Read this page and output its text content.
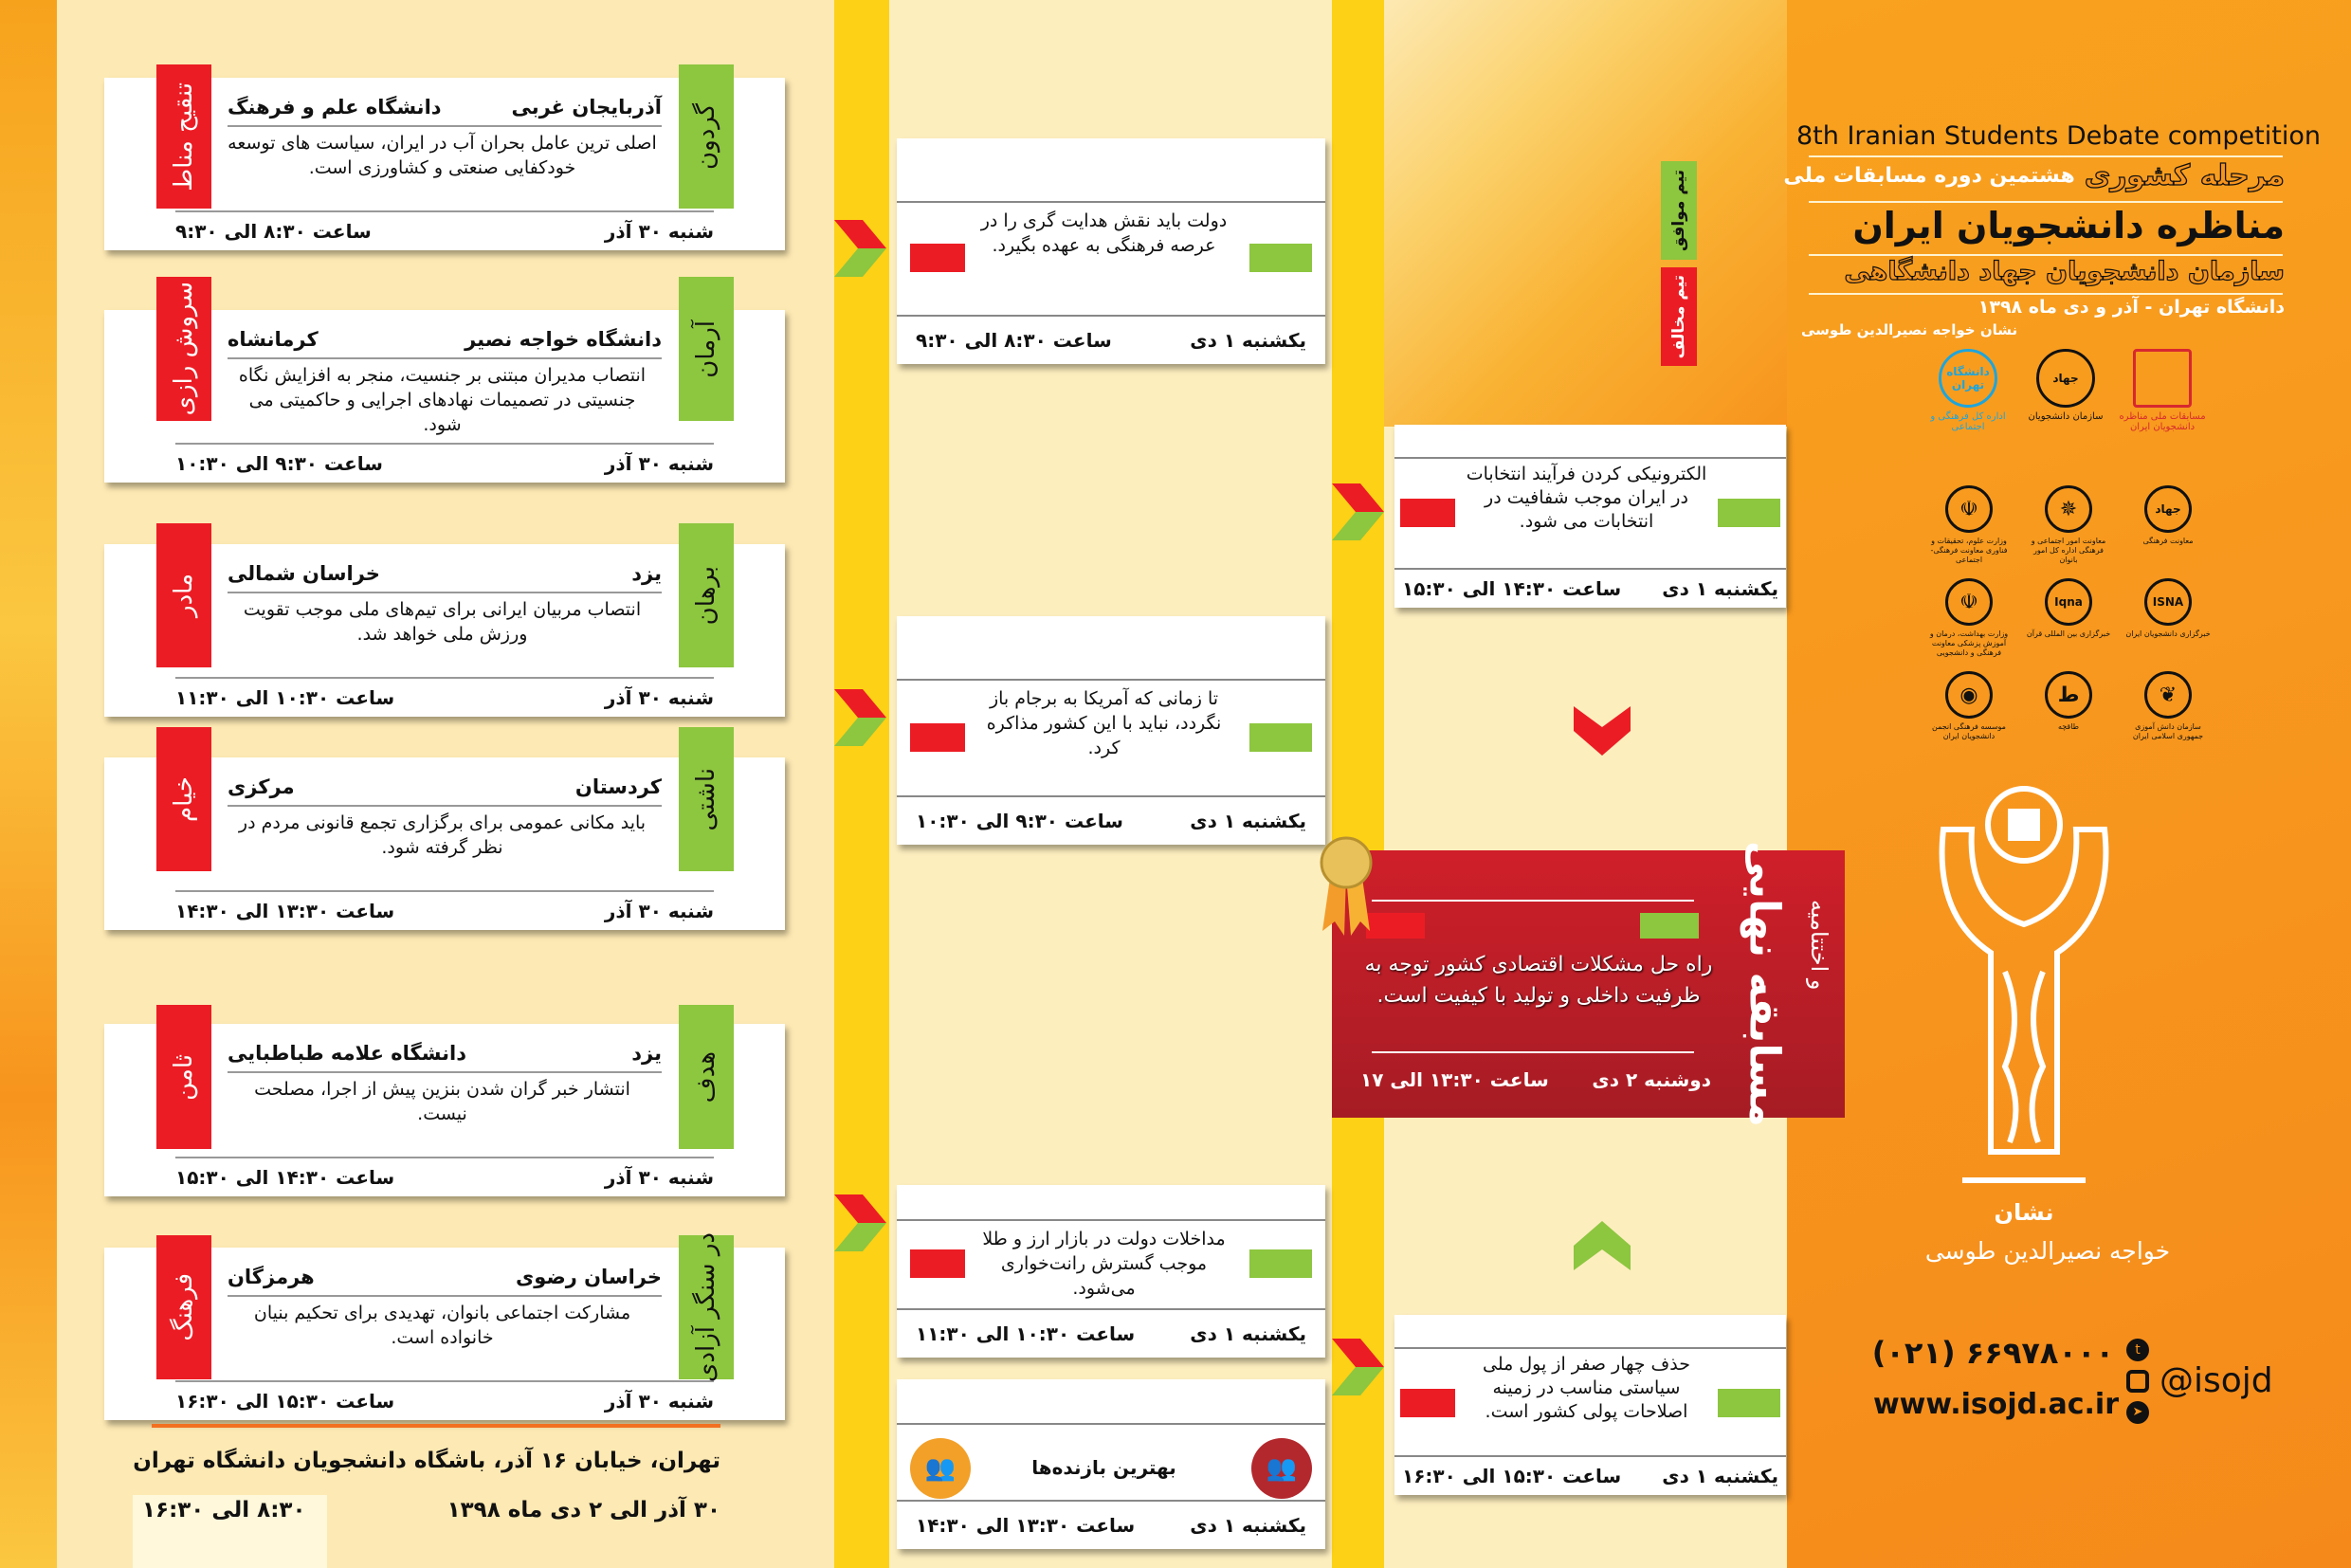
تیم موافق
تیم مخالف
آذربایجان غربی
دانشگاه علم و فرهنگ
اصلی ترین عامل بحران آب در ایران، سیاست های توسعه خودکفایی صنعتی و کشاورزی است.
شنبه ۳۰ آذر
ساعت ۸:۳۰ الی ۹:۳۰
تنقیح مناط	گردون
دانشگاه خواجه نصیر
کرمانشاه
انتصاب مدیران مبتنی بر جنسیت، منجر به افزایش نگاه جنسیتی در تصمیمات نهادهای اجرایی و حاکمیتی می شود.
شنبه ۳۰ آذر
ساعت ۹:۳۰ الی ۱۰:۳۰
سروش رازی	آرمان
یزد
خراسان شمالی
انتصاب مربیان ایرانی برای تیم‌های ملی موجب تقویت ورزش ملی خواهد شد.
شنبه ۳۰ آذر
ساعت ۱۰:۳۰ الی ۱۱:۳۰
مادر	برهان
کردستان
مرکزی
باید مکانی عمومی برای برگزاری تجمع قانونی مردم در نظر گرفته شود.
شنبه ۳۰ آذر
ساعت ۱۳:۳۰ الی ۱۴:۳۰
خیام	ناشتی
یزد
دانشگاه علامه طباطبایی
انتشار خبر گران شدن بنزین پیش از اجرا، مصلحت نیست.
شنبه ۳۰ آذر
ساعت ۱۴:۳۰ الی ۱۵:۳۰
ثامن	هدف
خراسان رضوی
هرمزگان
مشارکت اجتماعی بانوان، تهدیدی برای تحکیم بنیان خانواده است.
شنبه ۳۰ آذر
ساعت ۱۵:۳۰ الی ۱۶:۳۰
فرهنگ	در سنگر آزادی
تهران، خیابان ۱۶ آذر، باشگاه دانشجویان دانشگاه تهران
۳۰ آذر الی ۲ دی ماه ۱۳۹۸
۸:۳۰ الی ۱۶:۳۰
دولت باید نقش هدایت گری را در عرصه فرهنگی به عهده بگیرد.
یکشنبه ۱ دی
ساعت ۸:۳۰ الی ۹:۳۰
تا زمانی که آمریکا به برجام باز نگردد، نباید با این کشور مذاکره کرد.
یکشنبه ۱ دی
ساعت ۹:۳۰ الی ۱۰:۳۰
مداخلات دولت در بازار ارز و طلا موجب گسترش رانت‌خواری می‌شود.
یکشنبه ۱ دی
ساعت ۱۰:۳۰ الی ۱۱:۳۰
👥	👥
بهترین بازنده‌ها
یکشنبه ۱ دی
ساعت ۱۳:۳۰ الی ۱۴:۳۰
الکترونیکی کردن فرآیند انتخابات در ایران موجب شفافیت در انتخابات می شود.
یکشنبه ۱ دی
ساعت ۱۴:۳۰ الی ۱۵:۳۰
حذف چهار صفر از پول ملی سیاستی مناسب در زمینه اصلاحات پولی کشور است.
یکشنبه ۱ دی
ساعت ۱۵:۳۰ الی ۱۶:۳۰
راه حل مشکلات اقتصادی کشور توجه به ظرفیت داخلی و تولید با کیفیت است.
دوشنبه ۲ دی
ساعت ۱۳:۳۰ الی ۱۷	مسابقه نهایی و اختتامیه
8th Iranian Students Debate competition
مرحله کشوری
هشتمین دوره مسابقات ملی
مناظره دانشجویان ایران
سازمان دانشجویان جهاد دانشگاهی
دانشگاه تهران - آذر و دی ماه ۱۳۹۸
نشان خواجه نصیرالدین طوسی
مسابقات ملی مناظره دانشجویان ایران
جهاد
سازمان دانشجویان
دانشگاه تهران
اداره کل فرهنگی و اجتماعی
جهاد
معاونت فرهنگی
✵
معاونت امور اجتماعی و فرهنگی اداره کل امور بانوان
☫
وزارت علوم، تحقیقات و فناوری معاونت فرهنگی-اجتماعی
ISNA
خبرگزاری دانشجویان ایران
Iqna
خبرگزاری بین المللی قرآن
☫
وزارت بهداشت، درمان و آموزش پزشکی معاونت فرهنگی و دانشجویی
❦
سازمان دانش آموزی جمهوری اسلامی ایران
ط
طاقچه
◉
موسسه فرهنگی انجمن دانشجویان ایران
نشان
خواجه نصیرالدین طوسی
۶۶۹۷۸۰۰۰ (۰۲۱)
www.isojd.ac.ir
t
➤
@isojd
